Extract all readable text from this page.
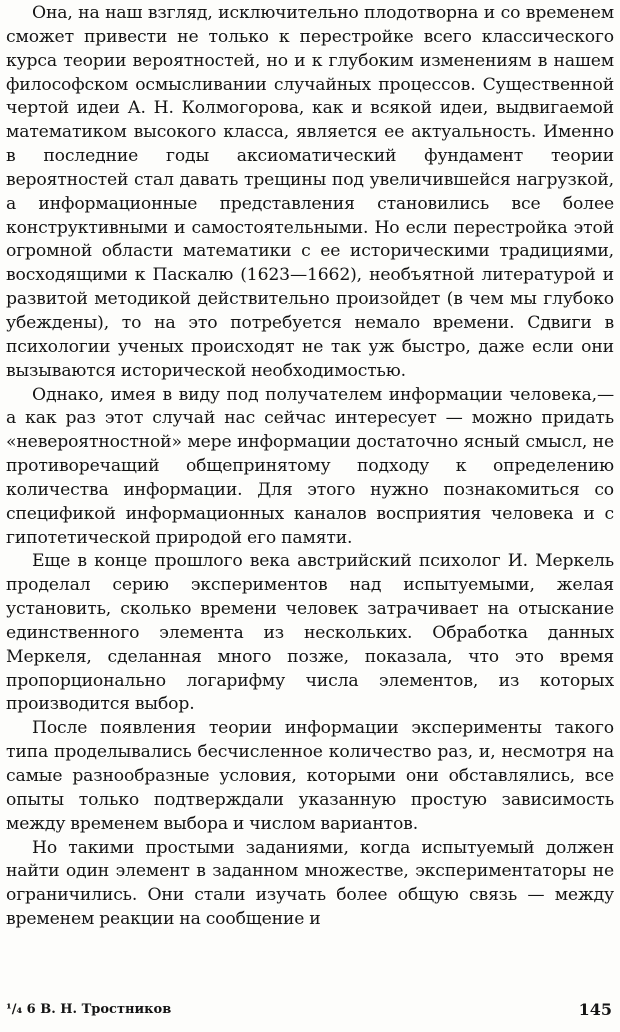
Она, на наш взгляд, исключительно плодотворна и со временем сможет привести не только к перестройке всего классического курса теории вероятностей, но и к глубоким изменениям в нашем философском осмысливании случайных процессов. Существенной чертой идеи А. Н. Колмогорова, как и всякой идеи, выдвигаемой математиком высокого класса, является ее актуальность. Именно в последние годы аксиоматический фундамент теории вероятностей стал давать трещины под увеличившейся нагрузкой, а информационные представления становились все более конструктивными и самостоятельными. Но если перестройка этой огромной области математики с ее историческими традициями, восходящими к Паскалю (1623—1662), необъятной литературой и развитой методикой действительно произойдет (в чем мы глубоко убеждены), то на это потребуется немало времени. Сдвиги в психологии ученых происходят не так уж быстро, даже если они вызываются исторической необходимостью.

Однако, имея в виду под получателем информации человека,— а как раз этот случай нас сейчас интересует — можно придать «невероятностной» мере информации достаточно ясный смысл, не противоречащий общепринятому подходу к определению количества информации. Для этого нужно познакомиться со спецификой информационных каналов восприятия человека и с гипотетической природой его памяти.

Еще в конце прошлого века австрийский психолог И. Меркель проделал серию экспериментов над испытуемыми, желая установить, сколько времени человек затрачивает на отыскание единственного элемента из нескольких. Обработка данных Меркеля, сделанная много позже, показала, что это время пропорционально логарифму числа элементов, из которых производится выбор.

После появления теории информации эксперименты такого типа проделывались бесчисленное количество раз, и, несмотря на самые разнообразные условия, которыми они обставлялись, все опыты только подтверждали указанную простую зависимость между временем выбора и числом вариантов.

Но такими простыми заданиями, когда испытуемый должен найти один элемент в заданном множестве, экспериментаторы не ограничились. Они стали изучать более общую связь — между временем реакции на сообщение и

¹/₄ 6 В. Н. Тростников	145
